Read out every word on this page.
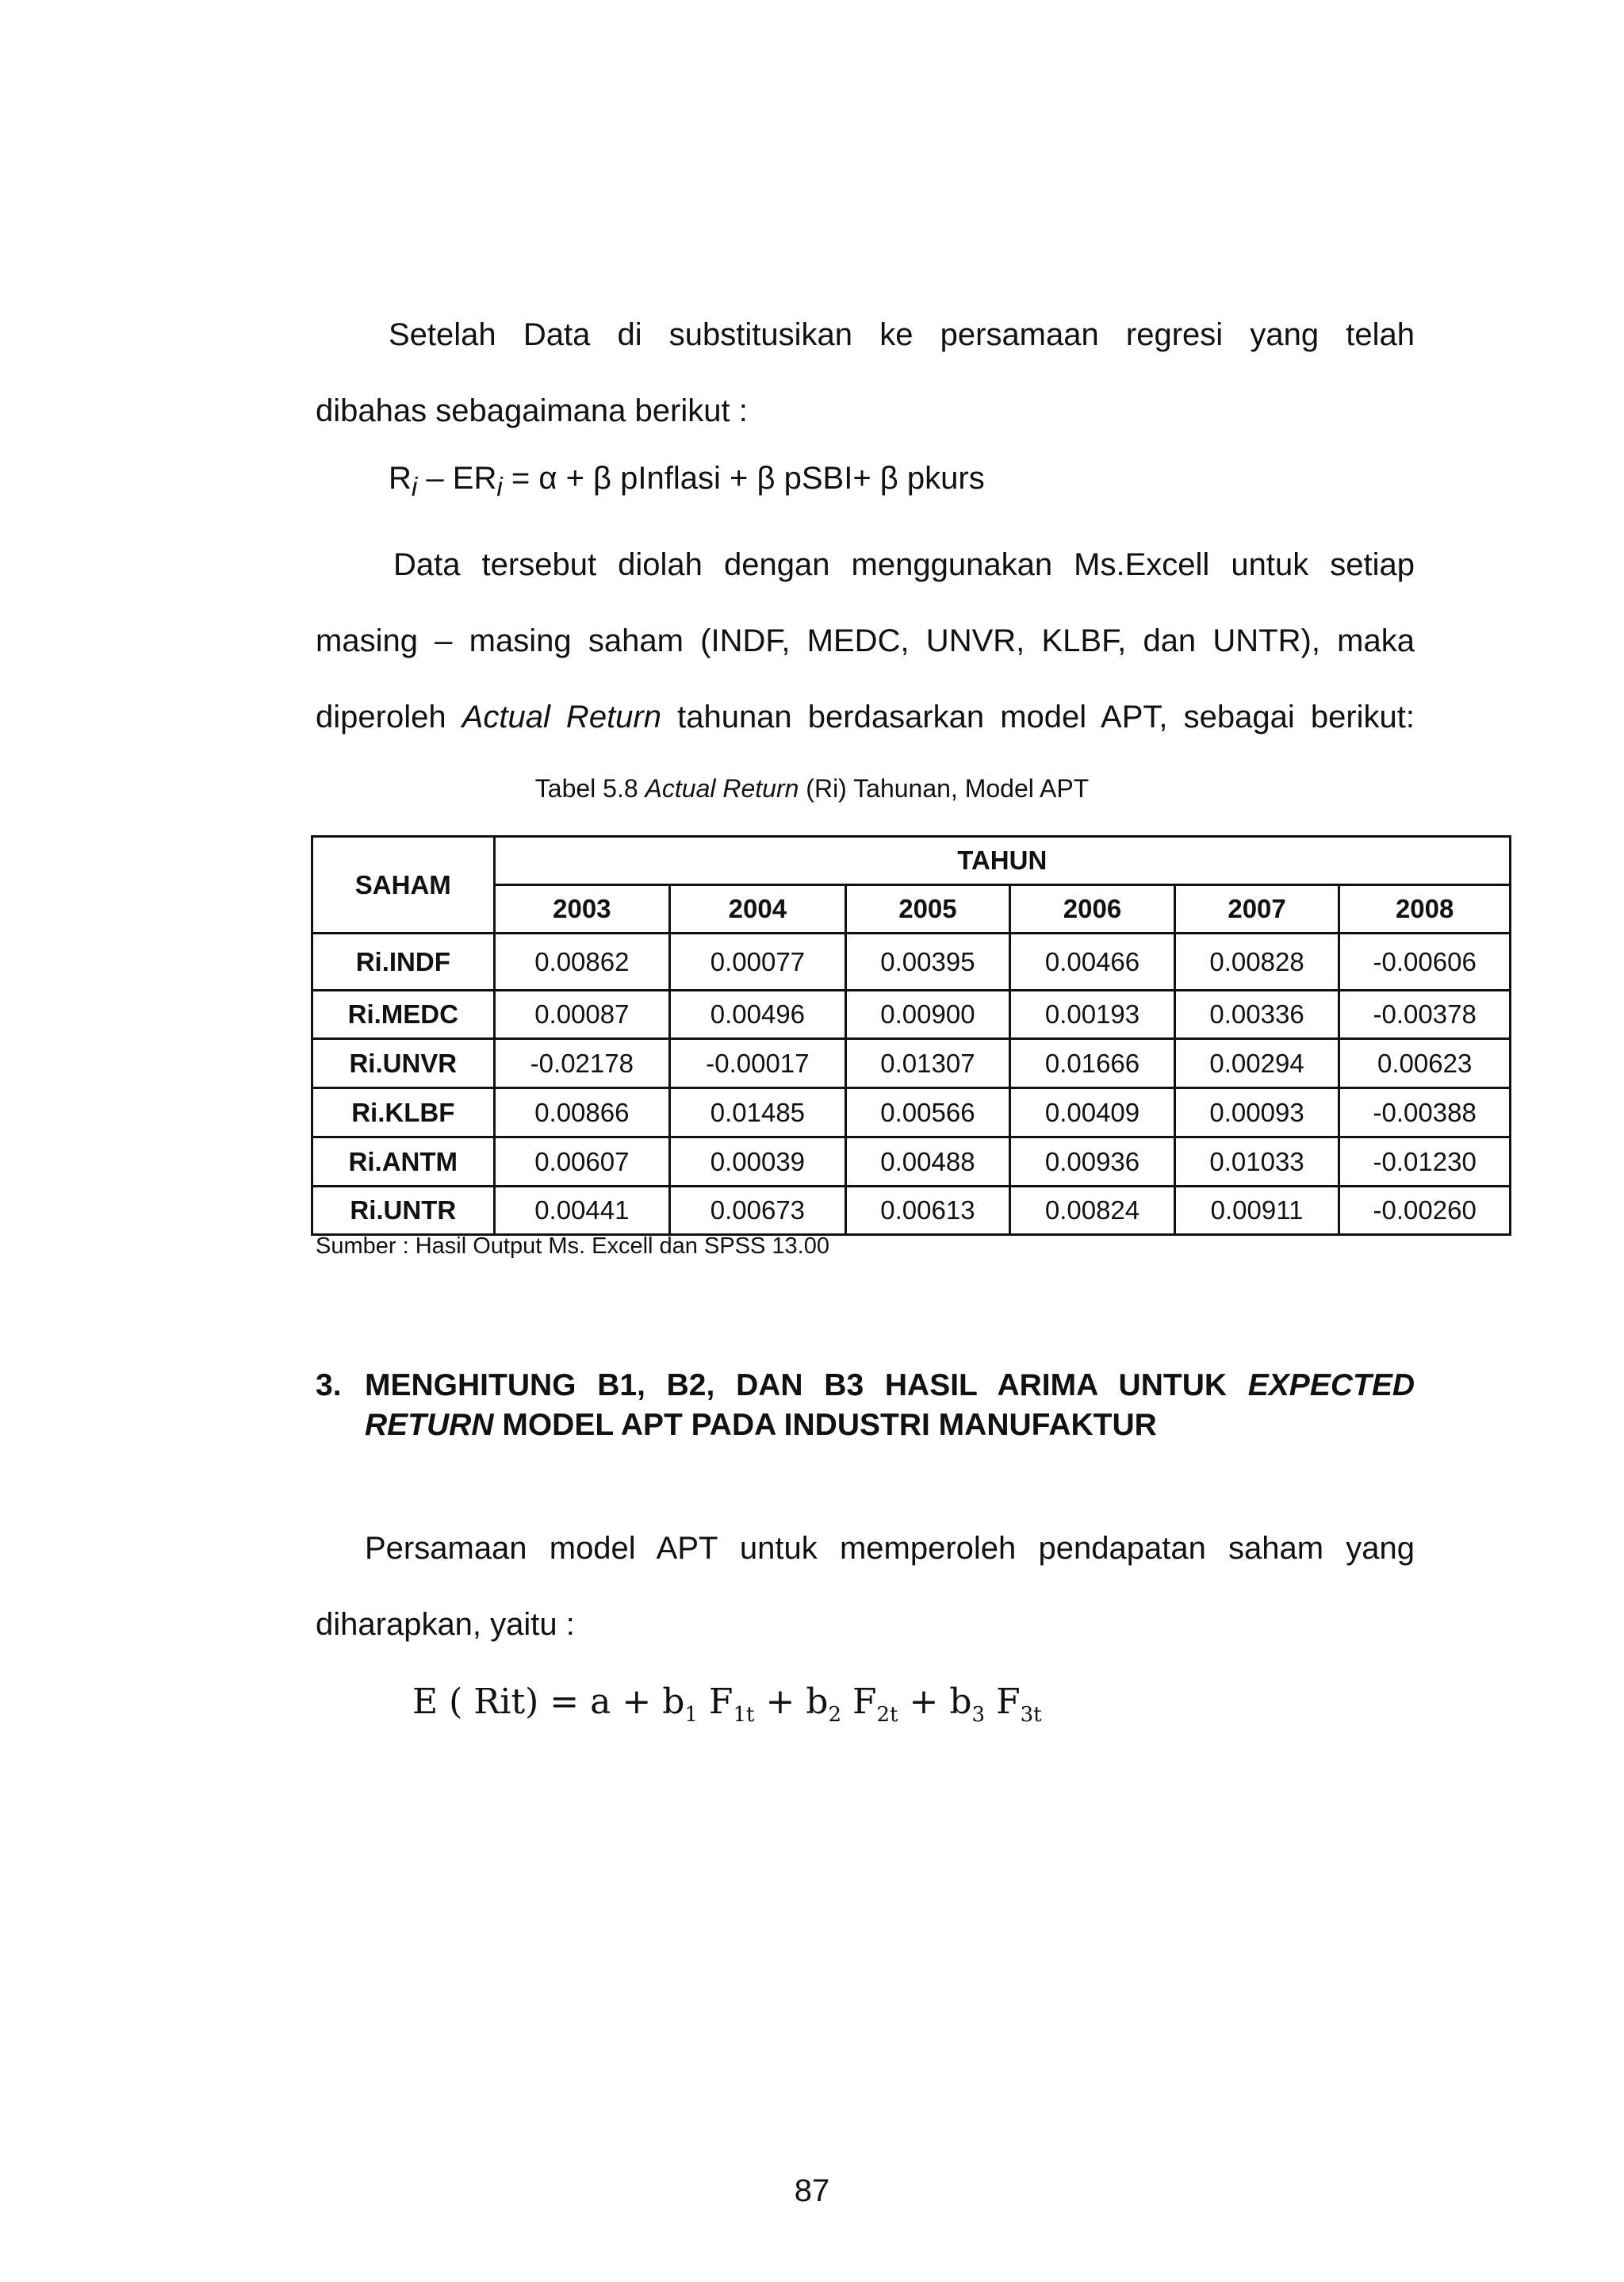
Setelah Data di substitusikan ke persamaan regresi yang telah
dibahas sebagaimana berikut :
$R_i - ER_i = \alpha + \beta$ pInflasi + β pSBI+ β pkurs
Data tersebut diolah dengan menggunakan Ms.Excell untuk setiap
masing – masing saham (INDF, MEDC, UNVR, KLBF, dan UNTR), maka
diperoleh Actual Return tahunan berdasarkan model APT, sebagai berikut:
Tabel 5.8 Actual Return (Ri) Tahunan, Model APT
SAHAM	TAHUN					
	2003	2004	2005	2006	2007	2008
Ri.INDF	0.00862	0.00077	0.00395	0.00466	0.00828	-0.00606
Ri.MEDC	0.00087	0.00496	0.00900	0.00193	0.00336	-0.00378
Ri.UNVR	-0.02178	-0.00017	0.01307	0.01666	0.00294	0.00623
Ri.KLBF	0.00866	0.01485	0.00566	0.00409	0.00093	-0.00388
Ri.ANTM	0.00607	0.00039	0.00488	0.00936	0.01033	-0.01230
Ri.UNTR	0.00441	0.00673	0.00613	0.00824	0.00911	-0.00260
Sumber : Hasil Output Ms. Excell dan SPSS 13.00
3. MENGHITUNG B1, B2, DAN B3 HASIL ARIMA UNTUK EXPECTED
RETURN MODEL APT PADA INDUSTRI MANUFAKTUR
Persamaan model APT untuk memperoleh pendapatan saham yang
diharapkan, yaitu :
E ( $Rit) = a + b_1$ $F_{1t} + b_2$ $F_{2t} + b_3$ $F_{3t}$
87
